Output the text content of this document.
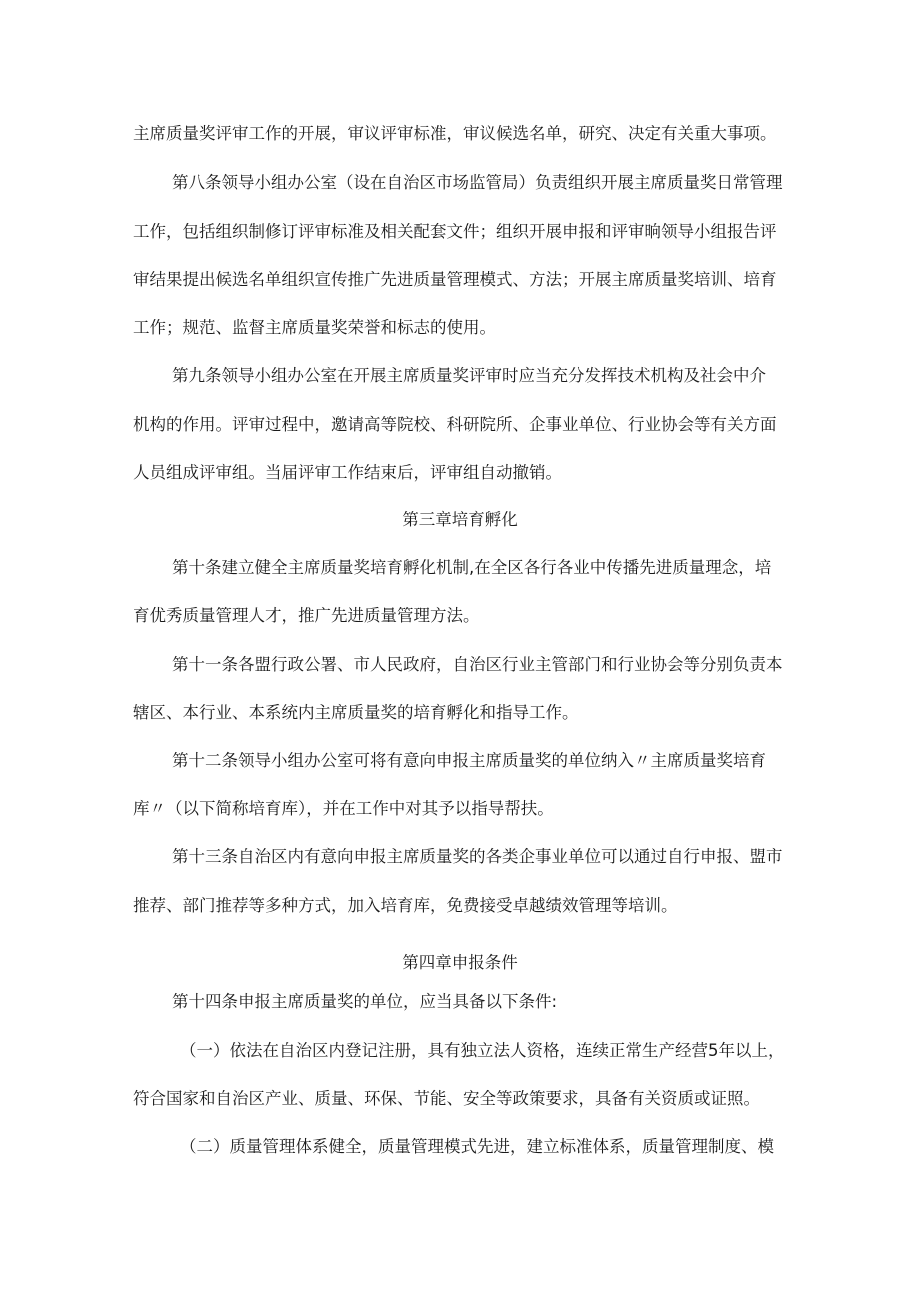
主席质量奖评审工作的开展，审议评审标准，审议候选名单，研究、决定有关重大事项。
第八条领导小组办公室（设在自治区市场监管局）负责组织开展主席质量奖日常管理
工作，包括组织制修订评审标准及相关配套文件；组织开展申报和评审晌领导小组报告评
审结果提出候选名单组织宣传推广先进质量管理模式、方法；开展主席质量奖培训、培育
工作；规范、监督主席质量奖荣誉和标志的使用。
第九条领导小组办公室在开展主席质量奖评审时应当充分发挥技术机构及社会中介
机构的作用。评审过程中，邀请高等院校、科研院所、企事业单位、行业协会等有关方面
人员组成评审组。当届评审工作结束后，评审组自动撤销。
第三章培育孵化
第十条建立健全主席质量奖培育孵化机制,在全区各行各业中传播先进质量理念，培
育优秀质量管理人才，推广先进质量管理方法。
第十一条各盟行政公署、市人民政府，自治区行业主管部门和行业协会等分别负责本
辖区、本行业、本系统内主席质量奖的培育孵化和指导工作。
第十二条领导小组办公室可将有意向申报主席质量奖的单位纳入〃主席质量奖培育
库〃（以下简称培育库），并在工作中对其予以指导帮扶。
第十三条自治区内有意向申报主席质量奖的各类企事业单位可以通过自行申报、盟市
推荐、部门推荐等多种方式，加入培育库，免费接受卓越绩效管理等培训。
第四章申报条件
第十四条申报主席质量奖的单位，应当具备以下条件:
（一）依法在自治区内登记注册，具有独立法人资格，连续正常生产经营5年以上，
符合国家和自治区产业、质量、环保、节能、安全等政策要求，具备有关资质或证照。
（二）质量管理体系健全，质量管理模式先进，建立标准体系，质量管理制度、模
